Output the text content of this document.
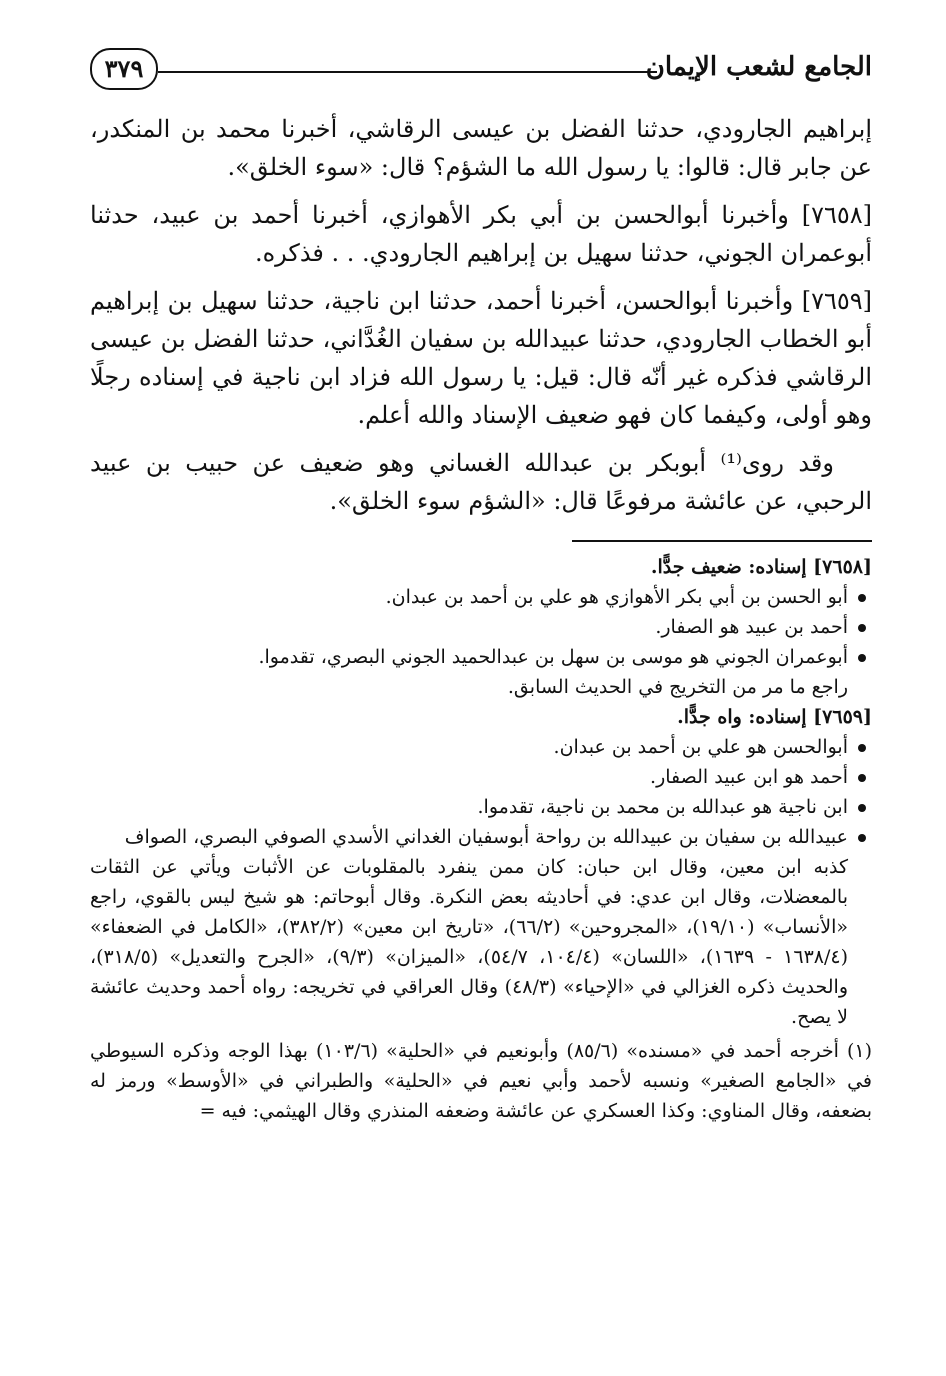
الجامع لشعب الإيمان
٣٧٩

إبراهيم الجارودي، حدثنا الفضل بن عيسى الرقاشي، أخبرنا محمد بن المنكدر، عن جابر قال: قالوا: يا رسول الله ما الشؤم؟ قال: «سوء الخلق».

[٧٦٥٨] وأخبرنا أبوالحسن بن أبي بكر الأهوازي، أخبرنا أحمد بن عبيد، حدثنا أبوعمران الجوني، حدثنا سهيل بن إبراهيم الجارودي. . . فذكره.

[٧٦٥٩] وأخبرنا أبوالحسن، أخبرنا أحمد، حدثنا ابن ناجية، حدثنا سهيل بن إبراهيم أبو الخطاب الجارودي، حدثنا عبيدالله بن سفيان الغُدَّاني، حدثنا الفضل بن عيسى الرقاشي فذكره غير أنّه قال: قيل: يا رسول الله فزاد ابن ناجية في إسناده رجلًا وهو أولى، وكيفما كان فهو ضعيف الإسناد والله أعلم.

وقد روى⁽¹⁾ أبوبكر بن عبدالله الغساني وهو ضعيف عن حبيب بن عبيد الرحبي، عن عائشة مرفوعًا قال: «الشؤم سوء الخلق».

[٧٦٥٨] إسناده: ضعيف جدًّا.

أبو الحسن بن أبي بكر الأهوازي هو علي بن أحمد بن عبدان.
أحمد بن عبيد هو الصفار.
أبوعمران الجوني هو موسى بن سهل بن عبدالحميد الجوني البصري، تقدموا.

راجع ما مر من التخريج في الحديث السابق.

[٧٦٥٩] إسناده: واه جدًّا.

أبوالحسن هو علي بن أحمد بن عبدان.
أحمد هو ابن عبيد الصفار.
ابن ناجية هو عبدالله بن محمد بن ناجية، تقدموا.
عبيدالله بن سفيان بن عبيدالله بن رواحة أبوسفيان الغداني الأسدي الصوفي البصري، الصواف

كذبه ابن معين، وقال ابن حبان: كان ممن ينفرد بالمقلوبات عن الأثبات ويأتي عن الثقات بالمعضلات، وقال ابن عدي: في أحاديثه بعض النكرة. وقال أبوحاتم: هو شيخ ليس بالقوي، راجع «الأنساب» (١٩/١٠)، «المجروحين» (٦٦/٢)، «تاريخ ابن معين» (٣٨٢/٢)، «الكامل في الضعفاء» (١٦٣٨/٤ - ١٦٣٩)، «اللسان» (١٠٤/٤، ٥٤/٧)، «الميزان» (٩/٣)، «الجرح والتعديل» (٣١٨/٥)، والحديث ذكره الغزالي في «الإحياء» (٤٨/٣) وقال العراقي في تخريجه: رواه أحمد وحديث عائشة لا يصح.

(١) أخرجه أحمد في «مسنده» (٨٥/٦) وأبونعيم في «الحلية» (١٠٣/٦) بهذا الوجه وذكره السيوطي في «الجامع الصغير» ونسبه لأحمد وأبي نعيم في «الحلية» والطبراني في «الأوسط» ورمز له بضعفه، وقال المناوي: وكذا العسكري عن عائشة وضعفه المنذري وقال الهيثمي: فيه =
